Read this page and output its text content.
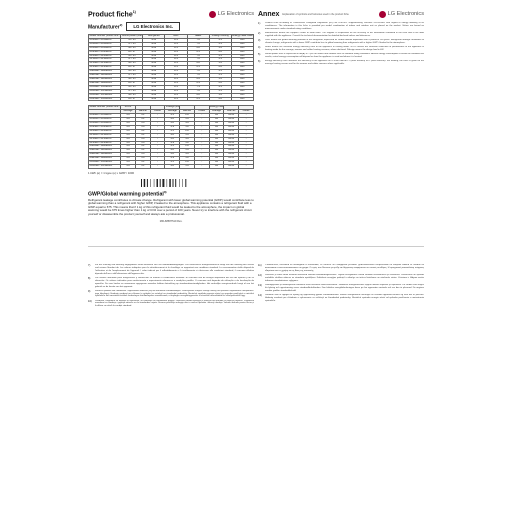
Product fiche$^{1)}$	LG Electronics
Manufacturer$^{2)}$	LG Electronics Inc.
Model Number (Indoor unit /	Sound power (indo	Refrigerant	GWP	SEER	Pdesign cooling	Energy class cooling
AC09BK / AC09BKU	55 / 65	R32	675	7.0	2.5	A++
AC12BK / AC12BKU	57 / 65	R32	675	7.0	3.5	A++
AC18BK / AC18BKU	59 / 65	R32	675	6.8	5.0	A++
AC24BK / AC24BKU	61 / 67	R32	675	6.5	6.8	A++
AP09RK / AP09RKU	55 / 65	R32	675	7.2	2.5	A++
AP12RK / AP12RKU	57 / 65	R32	675	7.0	3.5	A++
AP18RK / AP18RKU	59 / 65	R32	675	6.8	5.0	A++
AP24RK / AP24RKU	61 / 67	R32	675	6.5	6.8	A++
AM09BK / AM09BKU	55 / 65	R32	675	7.0	2.5	A++
AM12BK / AM12BKU	57 / 65	R32	675	7.0	3.5	A++
AM18BK / AM18BKU	59 / 65	R32	675	6.6	5.0	A++
AM24BK / AM24BKU	61 / 67	R32	675	6.4	6.8	A++
DC09RK / DC09RKU	55 / 65	R32	675	7.1	2.5	A++
DC12RK / DC12RKU	57 / 65	R32	675	7.0	3.5	A++
DC18RK / DC18RKU	59 / 65	R32	675	6.8	5.0	A++
DC24RK / DC24RKU	61 / 67	R32	675	6.5	6.8	A++
Model Number (Indoor unit /	SCOP			Pdesign (kW)			Energy class		
	Average	Warmer	Colder	Average	Warmer	Colder	Average	Warmer	Colder
AC09BK / AC09BKU	4.0	5.1	-	2.5	2.8	-	A+	A+++	-
AC12BK / AC12BKU	4.0	5.1	-	2.8	3.0	-	A+	A+++	-
AC18BK / AC18BKU	4.0	5.0	-	3.8	4.0	-	A+	A+++	-
AC24BK / AC24BKU	4.0	5.0	-	4.9	5.2	-	A+	A+++	-
AP09RK / AP09RKU	4.0	5.1	-	2.5	2.8	-	A+	A+++	-
AP12RK / AP12RKU	4.0	5.1	-	2.8	3.0	-	A+	A+++	-
AP18RK / AP18RKU	4.0	5.0	-	3.8	4.0	-	A+	A+++	-
AP24RK / AP24RKU	4.0	5.0	-	4.9	5.2	-	A+	A+++	-
AM09BK / AM09BKU	4.0	5.1	-	2.5	2.8	-	A+	A+++	-
AM12BK / AM12BKU	4.0	5.1	-	2.8	3.0	-	A+	A+++	-
AM18BK / AM18BKU	4.0	5.0	-	3.8	4.0	-	A+	A+++	-
AM24BK / AM24BKU	4.0	5.0	-	4.9	5.2	-	A+	A+++	-
DC09RK / DC09RKU	4.0	5.1	-	2.5	2.8	-	A+	A+++	-
DC12RK / DC12RKU	4.0	5.1	-	2.8	3.0	-	A+	A+++	-
1 kWh (e) = 1 kgoe (e) x GWP / 1000
GWP/Global warming potential$^{3)}$
Refrigerant leakage contributes to climate change. Refrigerant with lower global warming potential (GWP) would contribute less to global warming than a refrigerant with higher GWP, if leaked to the atmosphere. This appliance contains a refrigerant fluid with a GWP equal to 675. This means that if 1 kg of this refrigerant fluid would be leaked to the atmosphere, the impact on global warming would be 675 times higher than 1 kg of CO2 over a period of 100 years. Never try to interfere with the refrigerant circuit yourself or disassemble the product yourself and always ask a professional.
MFL68587519 Rev.
Annex Explanation of symbols and footnotes used in the product fiche	LG Electronics
1)	Product fiche according to Commission Delegated Regulation (EU) No 626/2011 supplementing Directive 2010/30/EU with regard to energy labelling of air conditioners. The information in this fiche is provided per model combination of indoor and outdoor unit as placed on the market. Values are based on measurements under standard rating conditions.
2)	Manufacturer means the supplier's name or trade mark. The supplier is responsible for the accuracy of the information contained in the fiche and in the label supplied with the appliance. Consult the technical documentation for detailed declared values and tolerances.
3)	GWP means the global warming potential of the refrigerant, expressed as carbon dioxide equivalent over a period of 100 years. Refrigerant leakage contributes to climate change; refrigerants with a lower GWP contribute less to global warming than refrigerants with a higher GWP if leaked to the atmosphere.
4)	SEER means the seasonal energy efficiency ratio of the appliance in cooling mode. SCOP means the seasonal coefficient of performance of the appliance in heating mode for the average, warmer and colder heating seasons, where declared. Pdesign means the design load in kW.
5)	Sound power level is expressed in dB(A) re 1 pW for indoor and outdoor units at standard rating conditions. Annual energy consumption is based on standard test results; actual energy consumption will depend on how the appliance is used and where it is located.
6)	Energy efficiency class indicates the efficiency of the appliance on a scale from A+++ (most efficient) to D (least efficient). For heating, the class is given for the average heating season and for the warmer and colder seasons where applicable.
7)	Für die Kühlung und Heizung angegebene Werte beziehen sich auf Standardbedingungen. Der tatsächliche Energieverbrauch hängt von der Nutzung des Geräts und seinem Standort ab. Les valeurs indiquées pour le refroidissement et le chauffage se rapportent aux conditions standard. La consommation réelle dépend de l'utilisation et de l'emplacement de l'appareil. I valori indicati per il raffreddamento e il riscaldamento si riferiscono alle condizioni standard; il consumo effettivo dipende dall'uso e dall'ubicazione dell'apparecchio.
8)	Los valores indicados para refrigeración y calefacción se refieren a condiciones estándar. El consumo real de energía dependerá del uso del aparato y de su ubicación. Os valores indicados para arrefecimento e aquecimento referem-se a condições padrão. O consumo real depende da utilização e da localização do aparelho. De voor koelen en verwarmen opgegeven waarden hebben betrekking op standaardomstandigheden. Het werkelijke energieverbruik hangt af van het gebruik en de locatie van het apparaat.
9)	Wartości podane dla chłodzenia i ogrzewania odnoszą się do warunków standardowych. Rzeczywiste zużycie energii zależy od sposobu użytkowania urządzenia i jego lokalizacji. Hodnoty uvedené pro chlazení a vytápění se vztahují na standardní podmínky. Skutečná spotřeba energie závisí na způsobu používání a umístění spotřebiče. Az ismertetett értékek szabványos körülményekre vonatkoznak; a tényleges energiafogyasztás a készülék használatától és elhelyezésétől függ.
10)	Vrednosti, navedene za hlajenje in ogrevanje, se nanašajo na standardne pogoje. Dejanska poraba energije je odvisna od uporabe in lokacije naprave. Vrijednosti navedene za hlađenje i grijanje odnose se na standardne uvjete. Stvarna potrošnja energije ovisi o načinu uporabe i lokaciji uređaja. Valorile indicate pentru răcire și încălzire se referă la condiții standard.
11)	Стойностите, посочени за охлаждане и отопление, се отнасят за стандартни условия. Действителното потребление на енергия зависи от начина на използване и местоположението на уреда. Οι τιμές που δίνονται για ψύξη και θέρμανση αναφέρονται σε τυπικές συνθήκες. Η πραγματική κατανάλωση ενέργειας εξαρτάται από τη χρήση και τη θέση της συσκευής.
12)	Jahutuse ja kütte kohta esitatud väärtused viitavad standardtingimustele. Tegelik energiatarve sõltub seadme kasutamisest ja asukohast. Dzesēšanai un apsildei norādītās vērtības attiecas uz standarta apstākļiem. Faktiskais enerģijas patēriņš ir atkarīgs no ierīces lietošanas un atrašanās vietas. Vėsinimo ir šildymo vertės taikomos standartinėms sąlygoms.
13)	Jäähdytykselle ja lämmitykselle ilmoitetut arvot koskevat vakio-olosuhteita. Todellinen energiankulutus riippuu laitteen käytöstä ja sijainnista. De värden som anges för kylning och uppvärmning avser standardförhållanden. Den faktiska energiförbrukningen beror på hur apparaten används och var den är placerad. De angivne værdier gælder standardforhold.
14)	Verdiene som er oppgitt for kjøling og oppvarming gjelder standardforhold. Faktisk energiforbruk avhenger av hvordan apparatet brukes og hvor det er plassert. Hodnoty uvedené pre chladenie a vykurovanie sa vzťahujú na štandardné podmienky. Skutočná spotreba energie závisí od spôsobu používania a umiestnenia spotrebiča.
